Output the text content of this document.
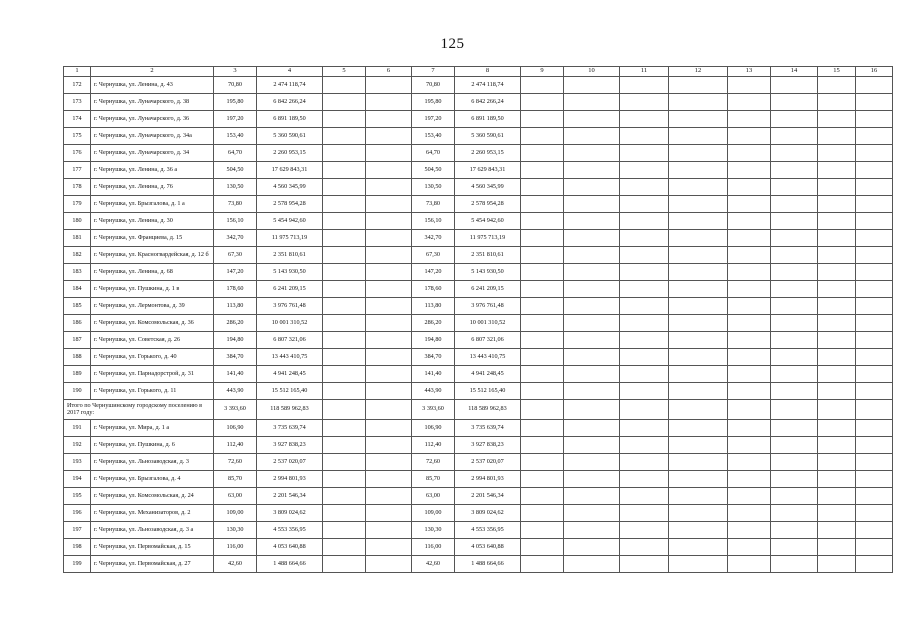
125
1	2	3	4	5	6	7	8	9	10	11	12	13	14	15	16
172	г. Чернушка, ул. Ленина, д. 43	70,80	2 474 118,74			70,80	2 474 118,74								
173	г. Чернушка, ул. Луначарского, д. 38	195,80	6 842 266,24			195,80	6 842 266,24								
174	г. Чернушка, ул. Луначарского, д. 36	197,20	6 891 189,50			197,20	6 891 189,50								
175	г. Чернушка, ул. Луначарского, д. 34а	153,40	5 360 590,61			153,40	5 360 590,61								
176	г. Чернушка, ул. Луначарского, д. 34	64,70	2 260 953,15			64,70	2 260 953,15								
177	г. Чернушка, ул. Ленина, д. 36 а	504,50	17 629 843,31			504,50	17 629 843,31								
178	г. Чернушка, ул. Ленина, д. 76	130,50	4 560 345,99			130,50	4 560 345,99								
179	г. Чернушка, ул. Брызгалова, д. 1 а	73,80	2 578 954,28			73,80	2 578 954,28								
180	г. Чернушка, ул. Ленина, д. 30	156,10	5 454 942,60			156,10	5 454 942,60								
181	г. Чернушка, ул. Франциева, д. 15	342,70	11 975 713,19			342,70	11 975 713,19								
182	г. Чернушка, ул. Красногвардейская, д. 12 б	67,30	2 351 810,61			67,30	2 351 810,61								
183	г. Чернушка, ул. Ленина, д. 68	147,20	5 143 930,50			147,20	5 143 930,50								
184	г. Чернушка, ул. Пушкина, д. 1 в	178,60	6 241 209,15			178,60	6 241 209,15								
185	г. Чернушка, ул. Лермонтова, д. 39	113,80	3 976 761,48			113,80	3 976 761,48								
186	г. Чернушка, ул. Комсомольская, д. 36	286,20	10 001 310,52			286,20	10 001 310,52								
187	г. Чернушка, ул. Советская, д. 26	194,80	6 807 321,06			194,80	6 807 321,06								
188	г. Чернушка, ул. Горького, д. 40	384,70	13 443 410,75			384,70	13 443 410,75								
189	г. Чернушка, ул. Парнадорстрой, д. 31	141,40	4 941 248,45			141,40	4 941 248,45								
190	г. Чернушка, ул. Горького, д. 11	443,90	15 512 165,40			443,90	15 512 165,40								
Итого по Чернушинскому городскому поселению в 2017 году:		3 393,60	118 589 962,83			3 393,60	118 589 962,83								
191	г. Чернушка, ул. Мира, д. 1 а	106,90	3 735 639,74			106,90	3 735 639,74								
192	г. Чернушка, ул. Пушкина, д. 6	112,40	3 927 838,23			112,40	3 927 838,23								
193	г. Чернушка, ул. Льнозаводская, д. 3	72,60	2 537 020,07			72,60	2 537 020,07								
194	г. Чернушка, ул. Брызгалова, д. 4	85,70	2 994 801,93			85,70	2 994 801,93								
195	г. Чернушка, ул. Комсомольская, д. 24	63,00	2 201 546,34			63,00	2 201 546,34								
196	г. Чернушка, ул. Механизаторов, д. 2	109,00	3 809 024,62			109,00	3 809 024,62								
197	г. Чернушка, ул. Льнозаводская, д. 3 а	130,30	4 553 356,95			130,30	4 553 356,95								
198	г. Чернушка, ул. Первомайская, д. 15	116,00	4 053 640,88			116,00	4 053 640,88								
199	г. Чернушка, ул. Первомайская, д. 27	42,60	1 488 664,66			42,60	1 488 664,66								
